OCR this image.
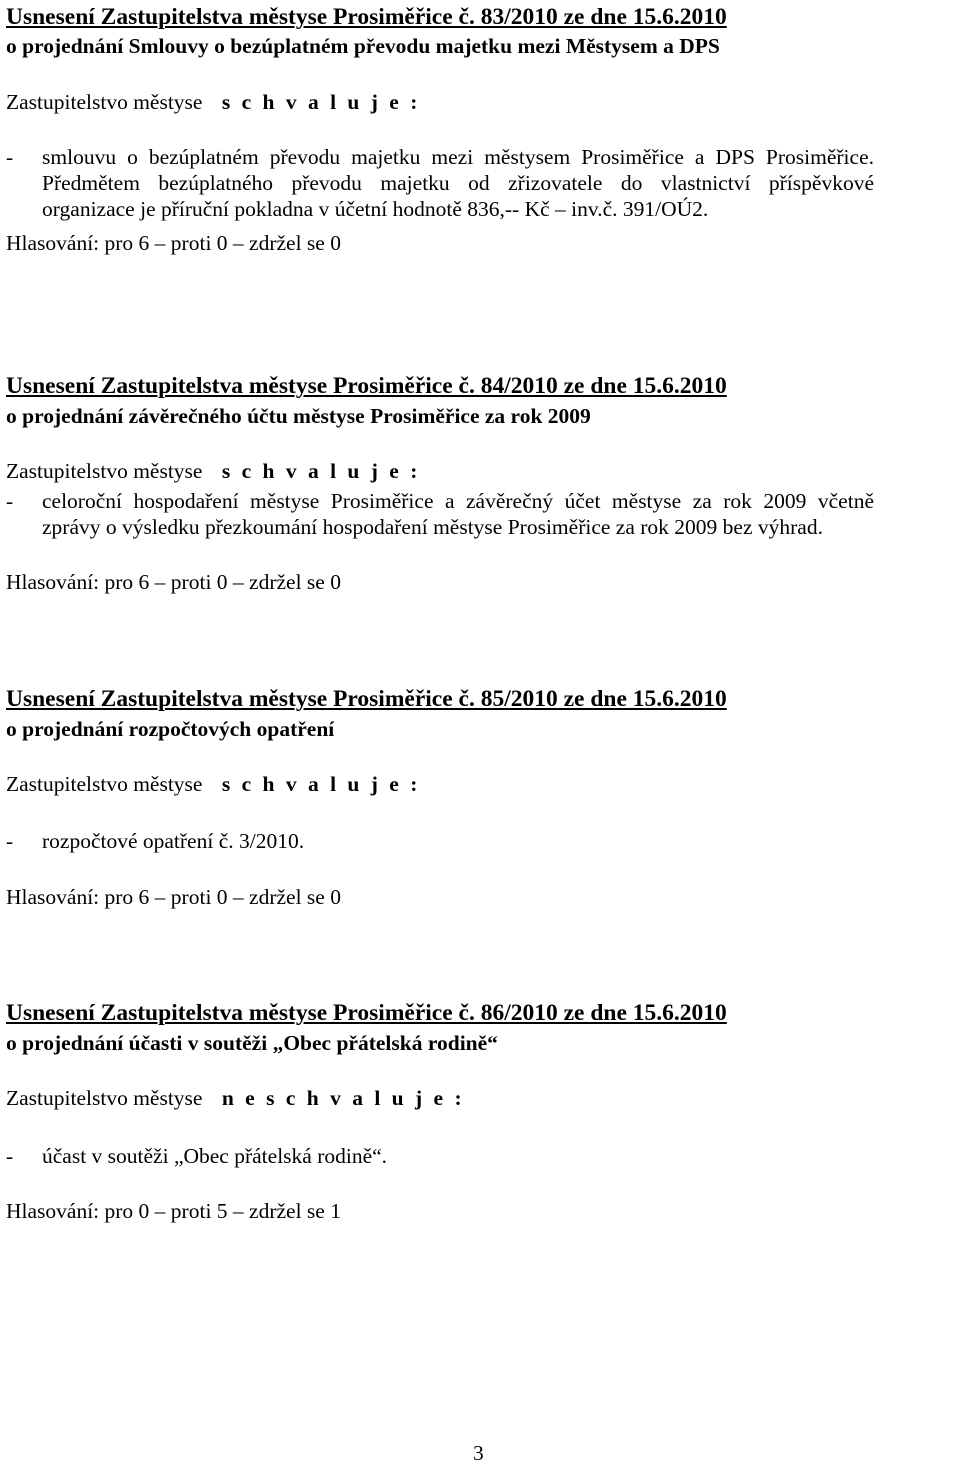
Usnesení Zastupitelstva městyse Prosiměřice č. 83/2010 ze dne 15.6.2010
o projednání Smlouvy o bezúplatném převodu majetku mezi Městysem a DPS
Zastupitelstvo městyse s c h v a l u j e :
- smlouvu o bezúplatném převodu majetku mezi městysem Prosiměřice a DPS Prosiměřice.
Předmětem bezúplatného převodu majetku od zřizovatele do vlastnictví příspěvkové
organizace je příruční pokladna v účetní hodnotě 836,-- Kč – inv.č. 391/OÚ2.
Hlasování: pro 6 – proti 0 – zdržel se 0
Usnesení Zastupitelstva městyse Prosiměřice č. 84/2010 ze dne 15.6.2010
o projednání závěrečného účtu městyse Prosiměřice za rok 2009
Zastupitelstvo městyse s c h v a l u j e :
- celoroční hospodaření městyse Prosiměřice a závěrečný účet městyse za rok 2009 včetně
zprávy o výsledku přezkoumání hospodaření městyse Prosiměřice za rok 2009 bez výhrad.
Hlasování: pro 6 – proti 0 – zdržel se 0
Usnesení Zastupitelstva městyse Prosiměřice č. 85/2010 ze dne 15.6.2010
o projednání rozpočtových opatření
Zastupitelstvo městyse s c h v a l u j e :
- rozpočtové opatření č. 3/2010.
Hlasování: pro 6 – proti 0 – zdržel se 0
Usnesení Zastupitelstva městyse Prosiměřice č. 86/2010 ze dne 15.6.2010
o projednání účasti v soutěži „Obec přátelská rodině“
Zastupitelstvo městyse n e s c h v a l u j e :
- účast v soutěži „Obec přátelská rodině“.
Hlasování: pro 0 – proti 5 – zdržel se 1
3
